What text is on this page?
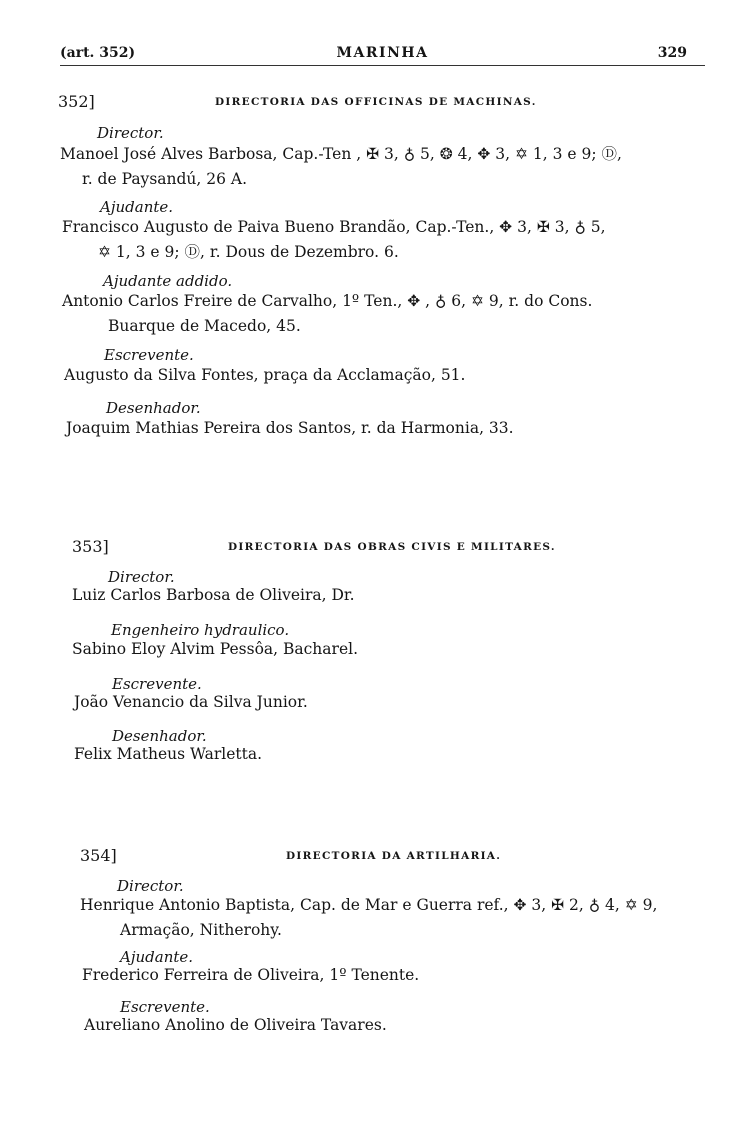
(art. 352)	MARINHA	329
352]	DIRECTORIA DAS OFFICINAS DE MACHINAS.
Director.
Manoel José Alves Barbosa, Cap.-Ten , ✠ 3, ♁ 5, ❂ 4, ✥ 3, ✡ 1, 3 e 9; Ⓓ,
r. de Paysandú, 26 A.
Ajudante.
Francisco Augusto de Paiva Bueno Brandão, Cap.-Ten., ✥ 3, ✠ 3, ♁ 5,
✡ 1, 3 e 9; Ⓓ, r. Dous de Dezembro. 6.
Ajudante addido.
Antonio Carlos Freire de Carvalho, 1º Ten., ✥ , ♁ 6, ✡ 9, r. do Cons.
Buarque de Macedo, 45.
Escrevente.
Augusto da Silva Fontes, praça da Acclamação, 51.
Desenhador.
Joaquim Mathias Pereira dos Santos, r. da Harmonia, 33.
353]	DIRECTORIA DAS OBRAS CIVIS E MILITARES.
Director.
Luiz Carlos Barbosa de Oliveira, Dr.
Engenheiro hydraulico.
Sabino Eloy Alvim Pessôa, Bacharel.
Escrevente.
João Venancio da Silva Junior.
Desenhador.
Felix Matheus Warletta.
354]	DIRECTORIA DA ARTILHARIA.
Director.
Henrique Antonio Baptista, Cap. de Mar e Guerra ref., ✥ 3, ✠ 2, ♁ 4, ✡ 9,
Armação, Nitherohy.
Ajudante.
Frederico Ferreira de Oliveira, 1º Tenente.
Escrevente.
Aureliano Anolino de Oliveira Tavares.
